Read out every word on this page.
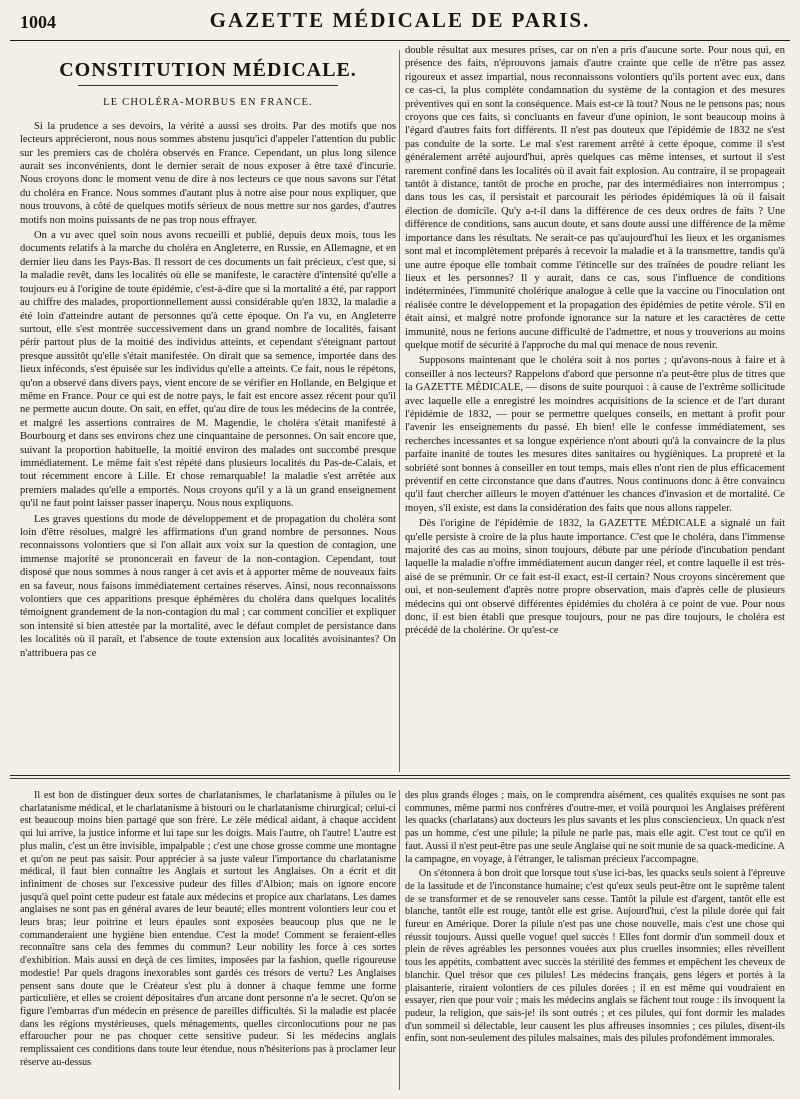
1004	GAZETTE MÉDICALE DE PARIS.
CONSTITUTION MÉDICALE.
LE CHOLÉRA-MORBUS EN FRANCE.

Si la prudence a ses devoirs, la vérité a aussi ses droits. Par des motifs que nos lecteurs apprécieront, nous nous sommes abstenu jusqu'ici d'appeler l'attention du public sur les premiers cas de choléra observés en France. Cependant, un plus long silence aurait ses inconvénients, dont le dernier serait de nous exposer à être taxé d'incurie. Nous croyons donc le moment venu de dire à nos lecteurs ce que nous savons sur l'état du choléra en France. Nous sommes d'autant plus à notre aise pour nous expliquer, que nous trouvons, à côté de quelques motifs sérieux de nous mettre sur nos gardes, d'autres motifs non moins puissants de ne pas trop nous effrayer.

On a vu avec quel soin nous avons recueilli et publié, depuis deux mois, tous les documents relatifs à la marche du choléra en Angleterre, en Russie, en Allemagne, et en dernier lieu dans les Pays-Bas. Il ressort de ces documents un fait précieux, c'est que, si la maladie revêt, dans les localités où elle se manifeste, le caractère d'intensité qu'elle a toujours eu à l'origine de toute épidémie, c'est-à-dire que si la mortalité a été, par rapport au chiffre des malades, proportionnellement aussi considérable qu'en 1832, la maladie a été loin d'atteindre autant de personnes qu'à cette époque. On l'a vu, en Angleterre surtout, elle s'est montrée successivement dans un grand nombre de localités, faisant périr partout plus de la moitié des individus atteints, et cependant s'éteignant partout presque aussitôt qu'elle s'était manifestée. On dirait que sa semence, importée dans des lieux inféconds, s'est épuisée sur les individus qu'elle a atteints. Ce fait, nous le répétons, qu'on a observé dans divers pays, vient encore de se vérifier en Hollande, en Belgique et même en France. Pour ce qui est de notre pays, le fait est encore assez récent pour qu'il ne permette aucun doute. On sait, en effet, qu'au dire de tous les médecins de la contrée, et malgré les assertions contraires de M. Magendie, le choléra s'était manifesté à Bourbourg et dans ses environs chez une cinquantaine de personnes. On sait encore que, suivant la proportion habituelle, la moitié environ des malades ont succombé presque immédiatement. Le même fait s'est répété dans plusieurs localités du Pas-de-Calais, et tout récemment encore à Lille. Et chose remarquable! la maladie s'est arrêtée aux premiers malades qu'elle a emportés. Nous croyons qu'il y a là un grand enseignement qu'il ne faut point laisser passer inaperçu. Nous nous expliquons.

Les graves questions du mode de développement et de propagation du choléra sont loin d'être résolues, malgré les affirmations d'un grand nombre de personnes. Nous reconnaissons volontiers que si l'on allait aux voix sur la question de contagion, une immense majorité se prononcerait en faveur de la non-contagion. Cependant, tout disposé que nous sommes à nous ranger à cet avis et à apporter même de nouveaux faits en sa faveur, nous faisons immédiatement certaines réserves. Ainsi, nous reconnaissons volontiers que ces apparitions presque éphémères du choléra dans quelques localités témoignent grandement de la non-contagion du mal ; car comment concilier et expliquer son intensité si bien attestée par la mortalité, avec le défaut complet de persistance dans les localités où il paraît, et l'absence de toute extension aux localités avoisinantes? On n'attribuera pas ce

double résultat aux mesures prises, car on n'en a pris d'aucune sorte. Pour nous qui, en présence des faits, n'éprouvons jamais d'autre crainte que celle de n'être pas assez rigoureux et assez impartial, nous reconnaissons volontiers qu'ils portent avec eux, dans ce cas-ci, la plus complète condamnation du système de la contagion et des mesures préventives qui en sont la conséquence. Mais est-ce là tout? Nous ne le pensons pas; nous croyons que ces faits, si concluants en faveur d'une opinion, le sont beaucoup moins à l'égard d'autres faits fort différents. Il n'est pas douteux que l'épidémie de 1832 ne s'est pas conduite de la sorte. Le mal s'est rarement arrêté à cette époque, comme il s'est généralement arrêté aujourd'hui, après quelques cas même intenses, et surtout il s'est rarement confiné dans les localités où il avait fait explosion. Au contraire, il se propageait tantôt à distance, tantôt de proche en proche, par des intermédiaires non interrompus ; dans tous les cas, il persistait et parcourait les périodes épidémiques là où il faisait élection de domicile. Qu'y a-t-il dans la différence de ces deux ordres de faits ? Une différence de conditions, sans aucun doute, et sans doute aussi une différence de la même importance dans les résultats. Ne serait-ce pas qu'aujourd'hui les lieux et les organismes sont mal et incomplètement préparés à recevoir la maladie et à la transmettre, tandis qu'à une autre époque elle tombait comme l'étincelle sur des traînées de poudre reliant les lieux et les personnes? Il y aurait, dans ce cas, sous l'influence de conditions indéterminées, l'immunité cholérique analogue à celle que la vaccine ou l'inoculation ont réalisée contre le développement et la propagation des épidémies de petite vérole. S'il en était ainsi, et malgré notre profonde ignorance sur la nature et les caractères de cette immunité, nous ne ferions aucune difficulté de l'admettre, et nous y trouverions au moins quelque motif de sécurité à l'approche du mal qui menace de nous revenir.

Supposons maintenant que le choléra soit à nos portes ; qu'avons-nous à faire et à conseiller à nos lecteurs? Rappelons d'abord que personne n'a peut-être plus de titres que la GAZETTE MÉDICALE, — disons de suite pourquoi : à cause de l'extrême sollicitude avec laquelle elle a enregistré les moindres acquisitions de la science et de l'art durant l'épidémie de 1832, — pour se permettre quelques conseils, en mettant à profit pour l'avenir les enseignements du passé. Eh bien! elle le confesse immédiatement, ses recherches incessantes et sa longue expérience n'ont abouti qu'à la convaincre de la plus parfaite inanité de toutes les mesures dites sanitaires ou hygiéniques. La propreté et la sobriété sont bonnes à conseiller en tout temps, mais elles n'ont rien de plus efficacement préventif en cette circonstance que dans d'autres. Nous continuons donc à être convaincu qu'il faut chercher ailleurs le moyen d'atténuer les chances d'invasion et de mortalité. Ce moyen, s'il existe, est dans la considération des faits que nous allons rappeler.

Dès l'origine de l'épidémie de 1832, la GAZETTE MÉDICALE a signalé un fait qu'elle persiste à croire de la plus haute importance. C'est que le choléra, dans l'immense majorité des cas au moins, sinon toujours, débute par une période d'incubation pendant laquelle la maladie n'offre immédiatement aucun danger réel, et contre laquelle il est très-aisé de se prémunir. Or ce fait est-il exact, est-il certain? Nous croyons sincèrement que oui, et non-seulement d'après notre propre observation, mais d'après celle de plusieurs médecins qui ont observé différentes épidémies du choléra à ce point de vue. Pour nous donc, il est bien établi que presque toujours, pour ne pas dire toujours, le choléra est précédé de la cholérine. Or qu'est-ce

Il est bon de distinguer deux sortes de charlatanismes, le charlatanisme à pilules ou le charlatanisme médical, et le charlatanisme à bistouri ou le charlatanisme chirurgical; celui-ci est beaucoup moins bien partagé que son frère. Le zèle médical aidant, à chaque accident qui lui arrive, la justice informe et lui tape sur les doigts. Mais l'autre, oh l'autre! L'autre est plus malin, c'est un être invisible, impalpable ; c'est une chose grosse comme une montagne et qu'on ne peut pas saisir. Pour apprécier à sa juste valeur l'importance du charlatanisme médical, il faut bien connaître les Anglais et surtout les Anglaises. On a écrit et dit infiniment de choses sur l'excessive pudeur des filles d'Albion; mais on ignore encore jusqu'à quel point cette pudeur est fatale aux médecins et propice aux charlatans. Les dames anglaises ne sont pas en général avares de leur beauté; elles montrent volontiers leur cou et leurs bras; leur poitrine et leurs épaules sont exposées beaucoup plus que ne le commanderaient une hygiène bien entendue. C'est la mode! Comment se feraient-elles reconnaître sans cela des femmes du commun? Leur nobility les force à ces sortes d'exhibition. Mais aussi en deçà de ces limites, imposées par la fashion, quelle rigoureuse modestie! Par quels dragons inexorables sont gardés ces trésors de vertu? Les Anglaises pensent sans doute que le Créateur s'est plu à donner à chaque femme une forme particulière, et elles se croient dépositaires d'un arcane dont personne n'a le secret. Qu'on se figure l'embarras d'un médecin en présence de pareilles difficultés. Si la maladie est placée dans les régions mystérieuses, quels ménagements, quelles circonlocutions pour ne pas effaroucher pour ne pas choquer cette sensitive pudeur. Si les médecins anglais remplissaient ces conditions dans toute leur étendue, nous n'hésiterions pas à proclamer leur réserve au-dessus

des plus grands éloges ; mais, on le comprendra aisément, ces qualités exquises ne sont pas communes, même parmi nos confrères d'outre-mer, et voilà pourquoi les Anglaises préfèrent les quacks (charlatans) aux docteurs les plus savants et les plus consciencieux. Un quack n'est pas un homme, c'est une pilule; la pilule ne parle pas, mais elle agit. C'est tout ce qu'il en faut. Aussi il n'est peut-être pas une seule Anglaise qui ne soit munie de sa quack-medicine. A la campagne, en voyage, à l'étranger, le talisman précieux l'accompagne.

On s'étonnera à bon droit que lorsque tout s'use ici-bas, les quacks seuls soient à l'épreuve de la lassitude et de l'inconstance humaine; c'est qu'eux seuls peut-être ont le suprême talent de se transformer et de se renouveler sans cesse. Tantôt la pilule est d'argent, tantôt elle est blanche, tantôt elle est rouge, tantôt elle est grise. Aujourd'hui, c'est la pilule dorée qui fait fureur en Amérique. Dorer la pilule n'est pas une chose nouvelle, mais c'est une chose qui réussit toujours. Aussi quelle vogue! quel succès ! Elles font dormir d'un sommeil doux et plein de rêves agréables les personnes vouées aux plus cruelles insomnies; elles réveillent tous les appétits, combattent avec succès la stérilité des femmes et empêchent les cheveux de blanchir. Quel trésor que ces pilules! Les médecins français, gens légers et portés à la plaisanterie, riraient volontiers de ces pilules dorées ; il en est même qui voudraient en essayer, rien que pour voir ; mais les médecins anglais se fâchent tout rouge : ils invoquent la pudeur, la religion, que sais-je! ils sont outrés ; et ces pilules, qui font dormir les malades d'un sommeil si délectable, leur causent les plus affreuses insomnies ; ces pilules, disent-ils enfin, sont non-seulement des pilules malsaines, mais des pilules profondément immorales.
